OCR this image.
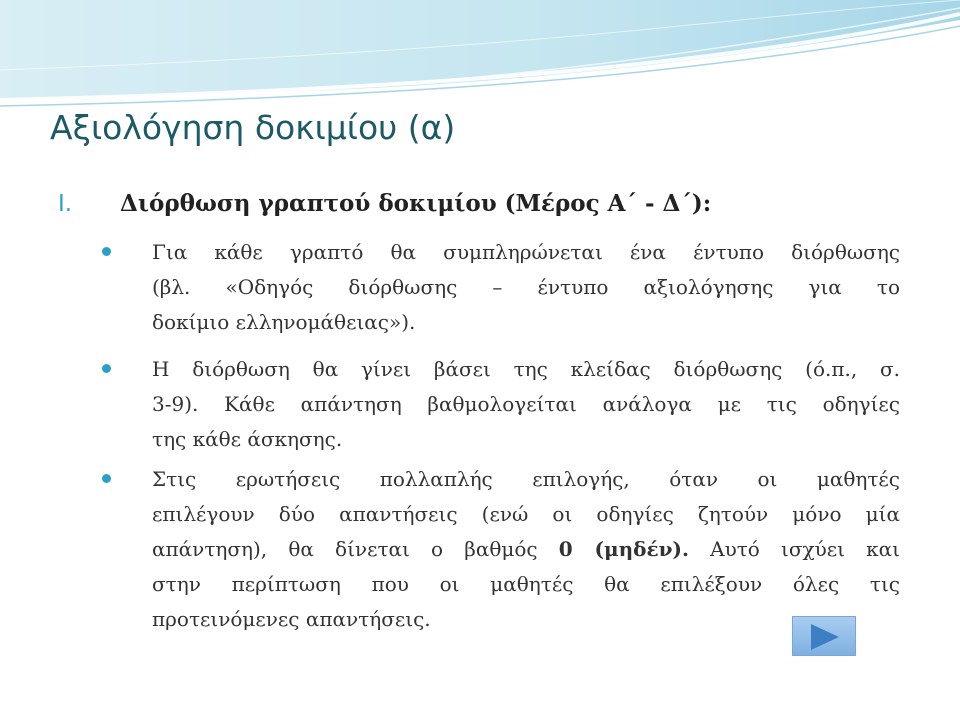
Αξιολόγηση δοκιμίου (α)
I. Διόρθωση γραπτού δοκιμίου (Μέρος Α΄ - Δ΄):
Για κάθε γραπτό θα συμπληρώνεται ένα έντυπο διόρθωσης
(βλ. «Οδηγός διόρθωσης – έντυπο αξιολόγησης για το
δοκίμιο ελληνομάθειας»).
Η διόρθωση θα γίνει βάσει της κλείδας διόρθωσης (ό.π., σ.
3-9). Κάθε απάντηση βαθμολογείται ανάλογα με τις οδηγίες
της κάθε άσκησης.
Στις ερωτήσεις πολλαπλής επιλογής, όταν οι μαθητές
επιλέγουν δύο απαντήσεις (ενώ οι οδηγίες ζητούν μόνο μία
απάντηση), θα δίνεται ο βαθμός 0 (μηδέν). Αυτό ισχύει και
στην περίπτωση που οι μαθητές θα επιλέξουν όλες τις
προτεινόμενες απαντήσεις.
